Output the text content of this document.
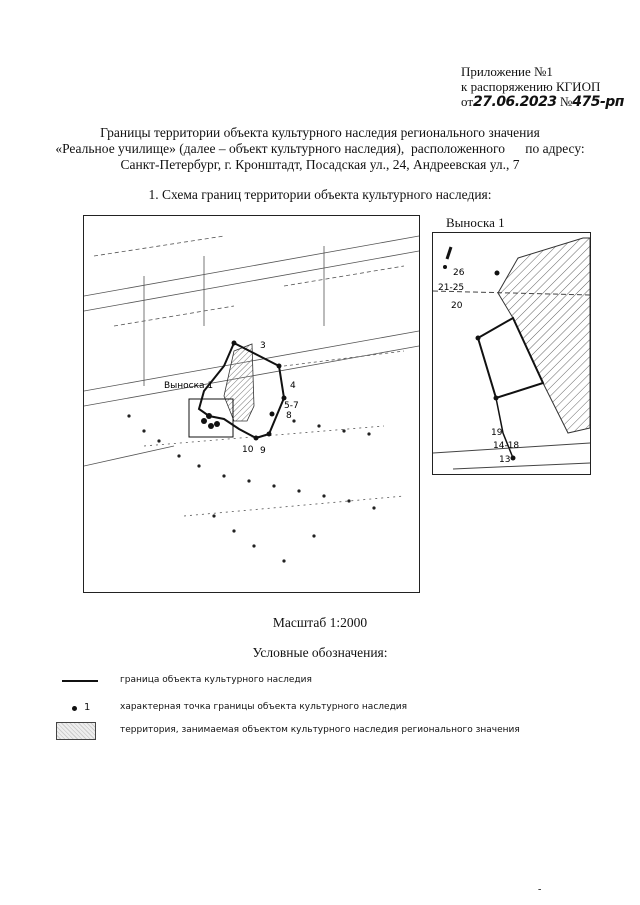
Приложение №1
к распоряжению КГИОП
от27.06.2023 №475-рп
Границы территории объекта культурного наследия регионального значения
«Реальное училище» (далее – объект культурного наследия),  расположенного      по адресу:
Санкт-Петербург, г. Кронштадт, Посадская ул., 24, Андреевская ул., 7
1. Схема границ территории объекта культурного наследия:
Выноска 1
3
4
5-7
8
9
10
Выноска 1
26
21-25
20
19
14-18
13
Масштаб 1:2000
Условные обозначения:
граница объекта культурного наследия
1	характерная точка границы объекта культурного наследия
территория, занимаемая объектом культурного наследия регионального значения
-
